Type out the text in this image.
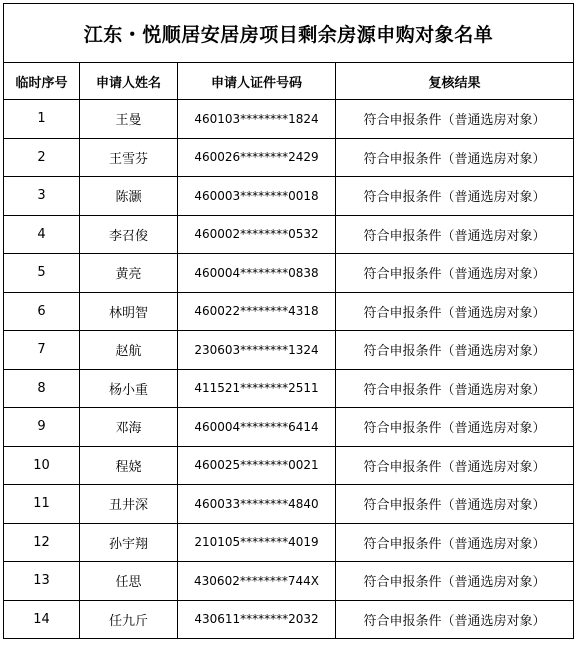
江东・悦顺居安居房项目剩余房源申购对象名单			
临时序号	申请人姓名	申请人证件号码	复核结果
1	王曼	460103********1824	符合申报条件（普通选房对象）
2	王雪芬	460026********2429	符合申报条件（普通选房对象）
3	陈灏	460003********0018	符合申报条件（普通选房对象）
4	李召俊	460002********0532	符合申报条件（普通选房对象）
5	黄亮	460004********0838	符合申报条件（普通选房对象）
6	林明智	460022********4318	符合申报条件（普通选房对象）
7	赵航	230603********1324	符合申报条件（普通选房对象）
8	杨小重	411521********2511	符合申报条件（普通选房对象）
9	邓海	460004********6414	符合申报条件（普通选房对象）
10	程娆	460025********0021	符合申报条件（普通选房对象）
11	丑井深	460033********4840	符合申报条件（普通选房对象）
12	孙宇翔	210105********4019	符合申报条件（普通选房对象）
13	任思	430602********744X	符合申报条件（普通选房对象）
14	任九斤	430611********2032	符合申报条件（普通选房对象）
